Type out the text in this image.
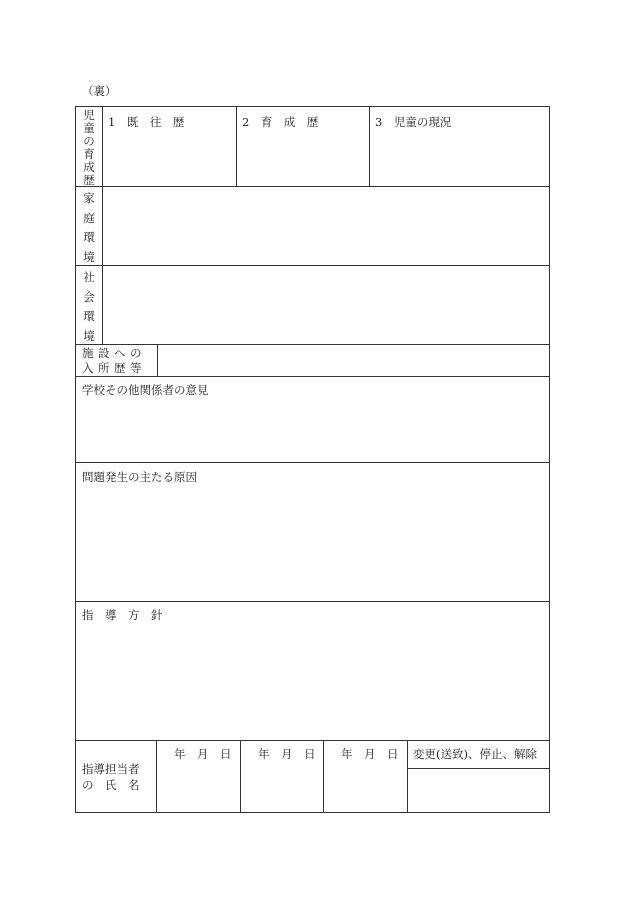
（裏）
児童の育成歴
1　既　往　歴	2　育　成　歴	3　児童の現況
家庭環境
社会環境
施設への
入所歴等
学校その他関係者の意見
問題発生の主たる原因
指　導　方　針
指導担当者
の　氏　名
年　月　日 年　月　日 年　月　日 変更(送致)、停止、解除
